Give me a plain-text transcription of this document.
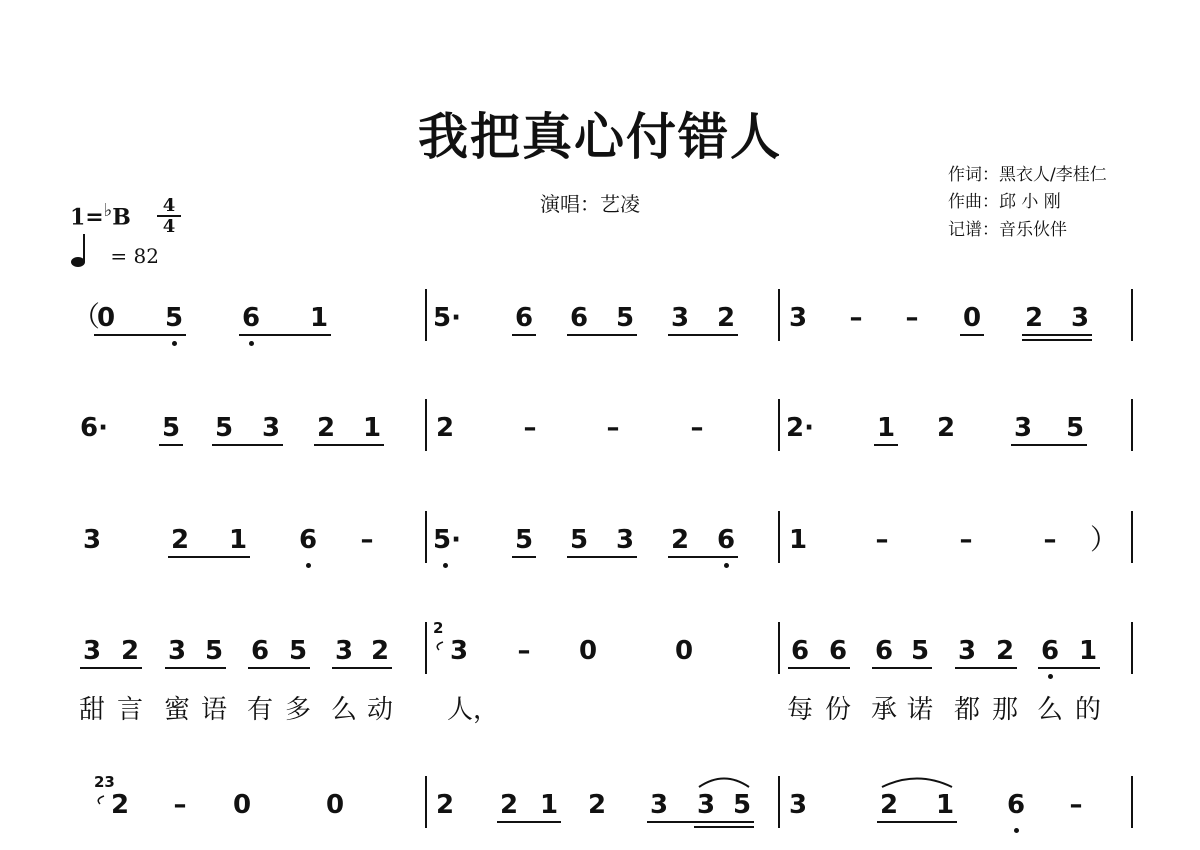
我把真心付错人
演唱：艺凌
作词：黑衣人/李桂仁
作曲：邱 小 刚
记谱：音乐伙伴
$1=^♭B \frac{4}{4}$
= 82
0 5 6 1	5· 6 6 5 3 2 3 – – 0 2 3
6· 5 5 3 2 1 2	–	–	–	2· 1 2 3 5
3	2 1 6 – 5· 5 5 3 2 6 1	–	–	–
3 2 3 5 6 5 3 2 3 – 0	0	6 6 6 5 3 2 6 1
2
甜 言 蜜 语 有 多 么 动 人，	每 份 承 诺 都 那 么 的
2 – 0	0	2 2 1 2 3 3 5 3	2 1 6 –
23
（
）
